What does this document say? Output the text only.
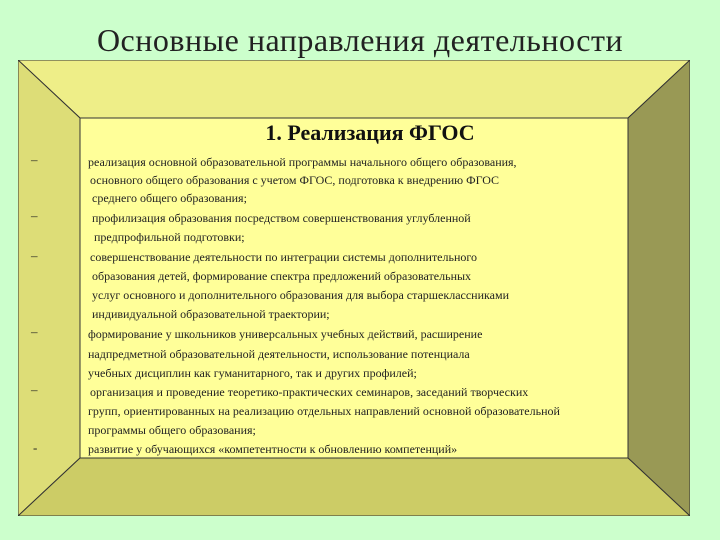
Основные направления деятельности
1. Реализация ФГОС
–
–
–
–
–
-
реализация основной образовательной программы начального общего образования,
основного общего образования с учетом ФГОС, подготовка к внедрению ФГОС
среднего общего образования;
профилизация образования посредством совершенствования углубленной
предпрофильной подготовки;
совершенствование деятельности по интеграции системы дополнительного
образования детей, формирование спектра предложений образовательных
услуг основного и дополнительного образования для выбора старшеклассниками
индивидуальной образовательной траектории;
формирование у школьников универсальных учебных действий, расширение
надпредметной образовательной деятельности, использование потенциала
учебных дисциплин как гуманитарного, так и других профилей;
организация и проведение теоретико-практических семинаров, заседаний творческих
групп, ориентированных на реализацию отдельных направлений основной образовательной
программы общего образования;
развитие у обучающихся «компетентности к обновлению компетенций»
